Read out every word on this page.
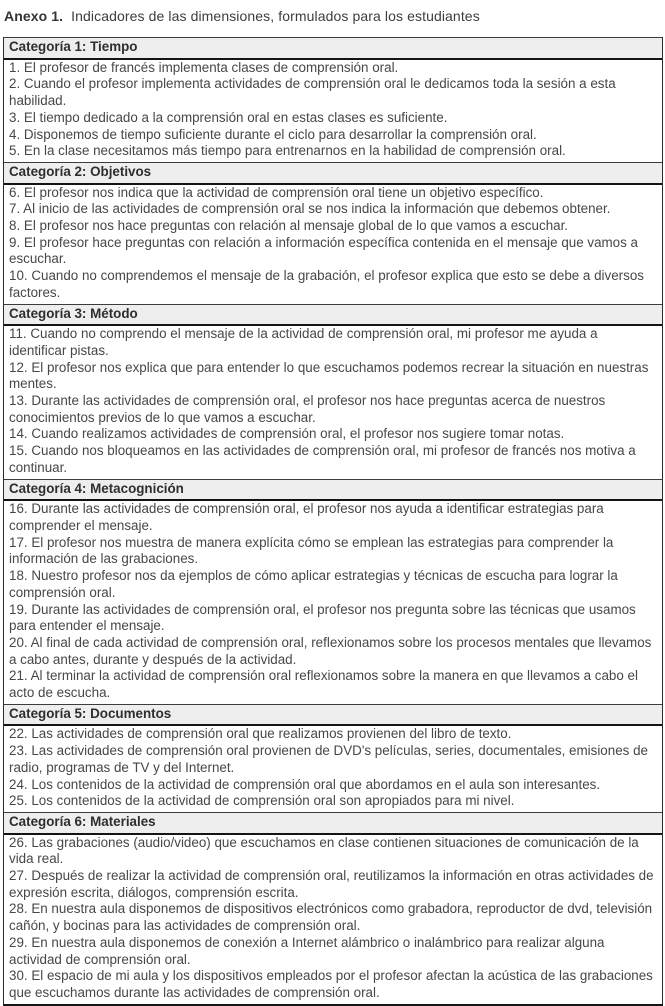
Anexo 1. Indicadores de las dimensiones, formulados para los estudiantes

Categoría 1: Tiempo
1. El profesor de francés implementa clases de comprensión oral.
2. Cuando el profesor implementa actividades de comprensión oral le dedicamos toda la sesión a esta habilidad.
3. El tiempo dedicado a la comprensión oral en estas clases es suficiente.
4. Disponemos de tiempo suficiente durante el ciclo para desarrollar la comprensión oral.
5. En la clase necesitamos más tiempo para entrenarnos en la habilidad de comprensión oral.
Categoría 2: Objetivos
6. El profesor nos indica que la actividad de comprensión oral tiene un objetivo específico.
7. Al inicio de las actividades de comprensión oral se nos indica la información que debemos obtener.
8. El profesor nos hace preguntas con relación al mensaje global de lo que vamos a escuchar.
9. El profesor hace preguntas con relación a información específica contenida en el mensaje que vamos a escuchar.
10. Cuando no comprendemos el mensaje de la grabación, el profesor explica que esto se debe a diversos factores.
Categoría 3: Método
11. Cuando no comprendo el mensaje de la actividad de comprensión oral, mi profesor me ayuda a identificar pistas.
12. El profesor nos explica que para entender lo que escuchamos podemos recrear la situación en nuestras mentes.
13. Durante las actividades de comprensión oral, el profesor nos hace preguntas acerca de nuestros conocimientos previos de lo que vamos a escuchar.
14. Cuando realizamos actividades de comprensión oral, el profesor nos sugiere tomar notas.
15. Cuando nos bloqueamos en las actividades de comprensión oral, mi profesor de francés nos motiva a continuar.
Categoría 4: Metacognición
16. Durante las actividades de comprensión oral, el profesor nos ayuda a identificar estrategias para comprender el mensaje.
17. El profesor nos muestra de manera explícita cómo se emplean las estrategias para comprender la información de las grabaciones.
18. Nuestro profesor nos da ejemplos de cómo aplicar estrategias y técnicas de escucha para lograr la comprensión oral.
19. Durante las actividades de comprensión oral, el profesor nos pregunta sobre las técnicas que usamos para entender el mensaje.
20. Al final de cada actividad de comprensión oral, reflexionamos sobre los procesos mentales que llevamos a cabo antes, durante y después de la actividad.
21. Al terminar la actividad de comprensión oral reflexionamos sobre la manera en que llevamos a cabo el acto de escucha.
Categoría 5: Documentos
22. Las actividades de comprensión oral que realizamos provienen del libro de texto.
23. Las actividades de comprensión oral provienen de DVD's películas, series, documentales, emisiones de radio, programas de TV y del Internet.
24. Los contenidos de la actividad de comprensión oral que abordamos en el aula son interesantes.
25. Los contenidos de la actividad de comprensión oral son apropiados para mi nivel.
Categoría 6: Materiales
26. Las grabaciones (audio/video) que escuchamos en clase contienen situaciones de comunicación de la vida real.
27. Después de realizar la actividad de comprensión oral, reutilizamos la información en otras actividades de expresión escrita, diálogos, comprensión escrita.
28. En nuestra aula disponemos de dispositivos electrónicos como grabadora, reproductor de dvd, televisión cañón, y bocinas para las actividades de comprensión oral.
29. En nuestra aula disponemos de conexión a Internet alámbrico o inalámbrico para realizar alguna actividad de comprensión oral.
30. El espacio de mi aula y los dispositivos empleados por el profesor afectan la acústica de las grabaciones que escuchamos durante las actividades de comprensión oral.
